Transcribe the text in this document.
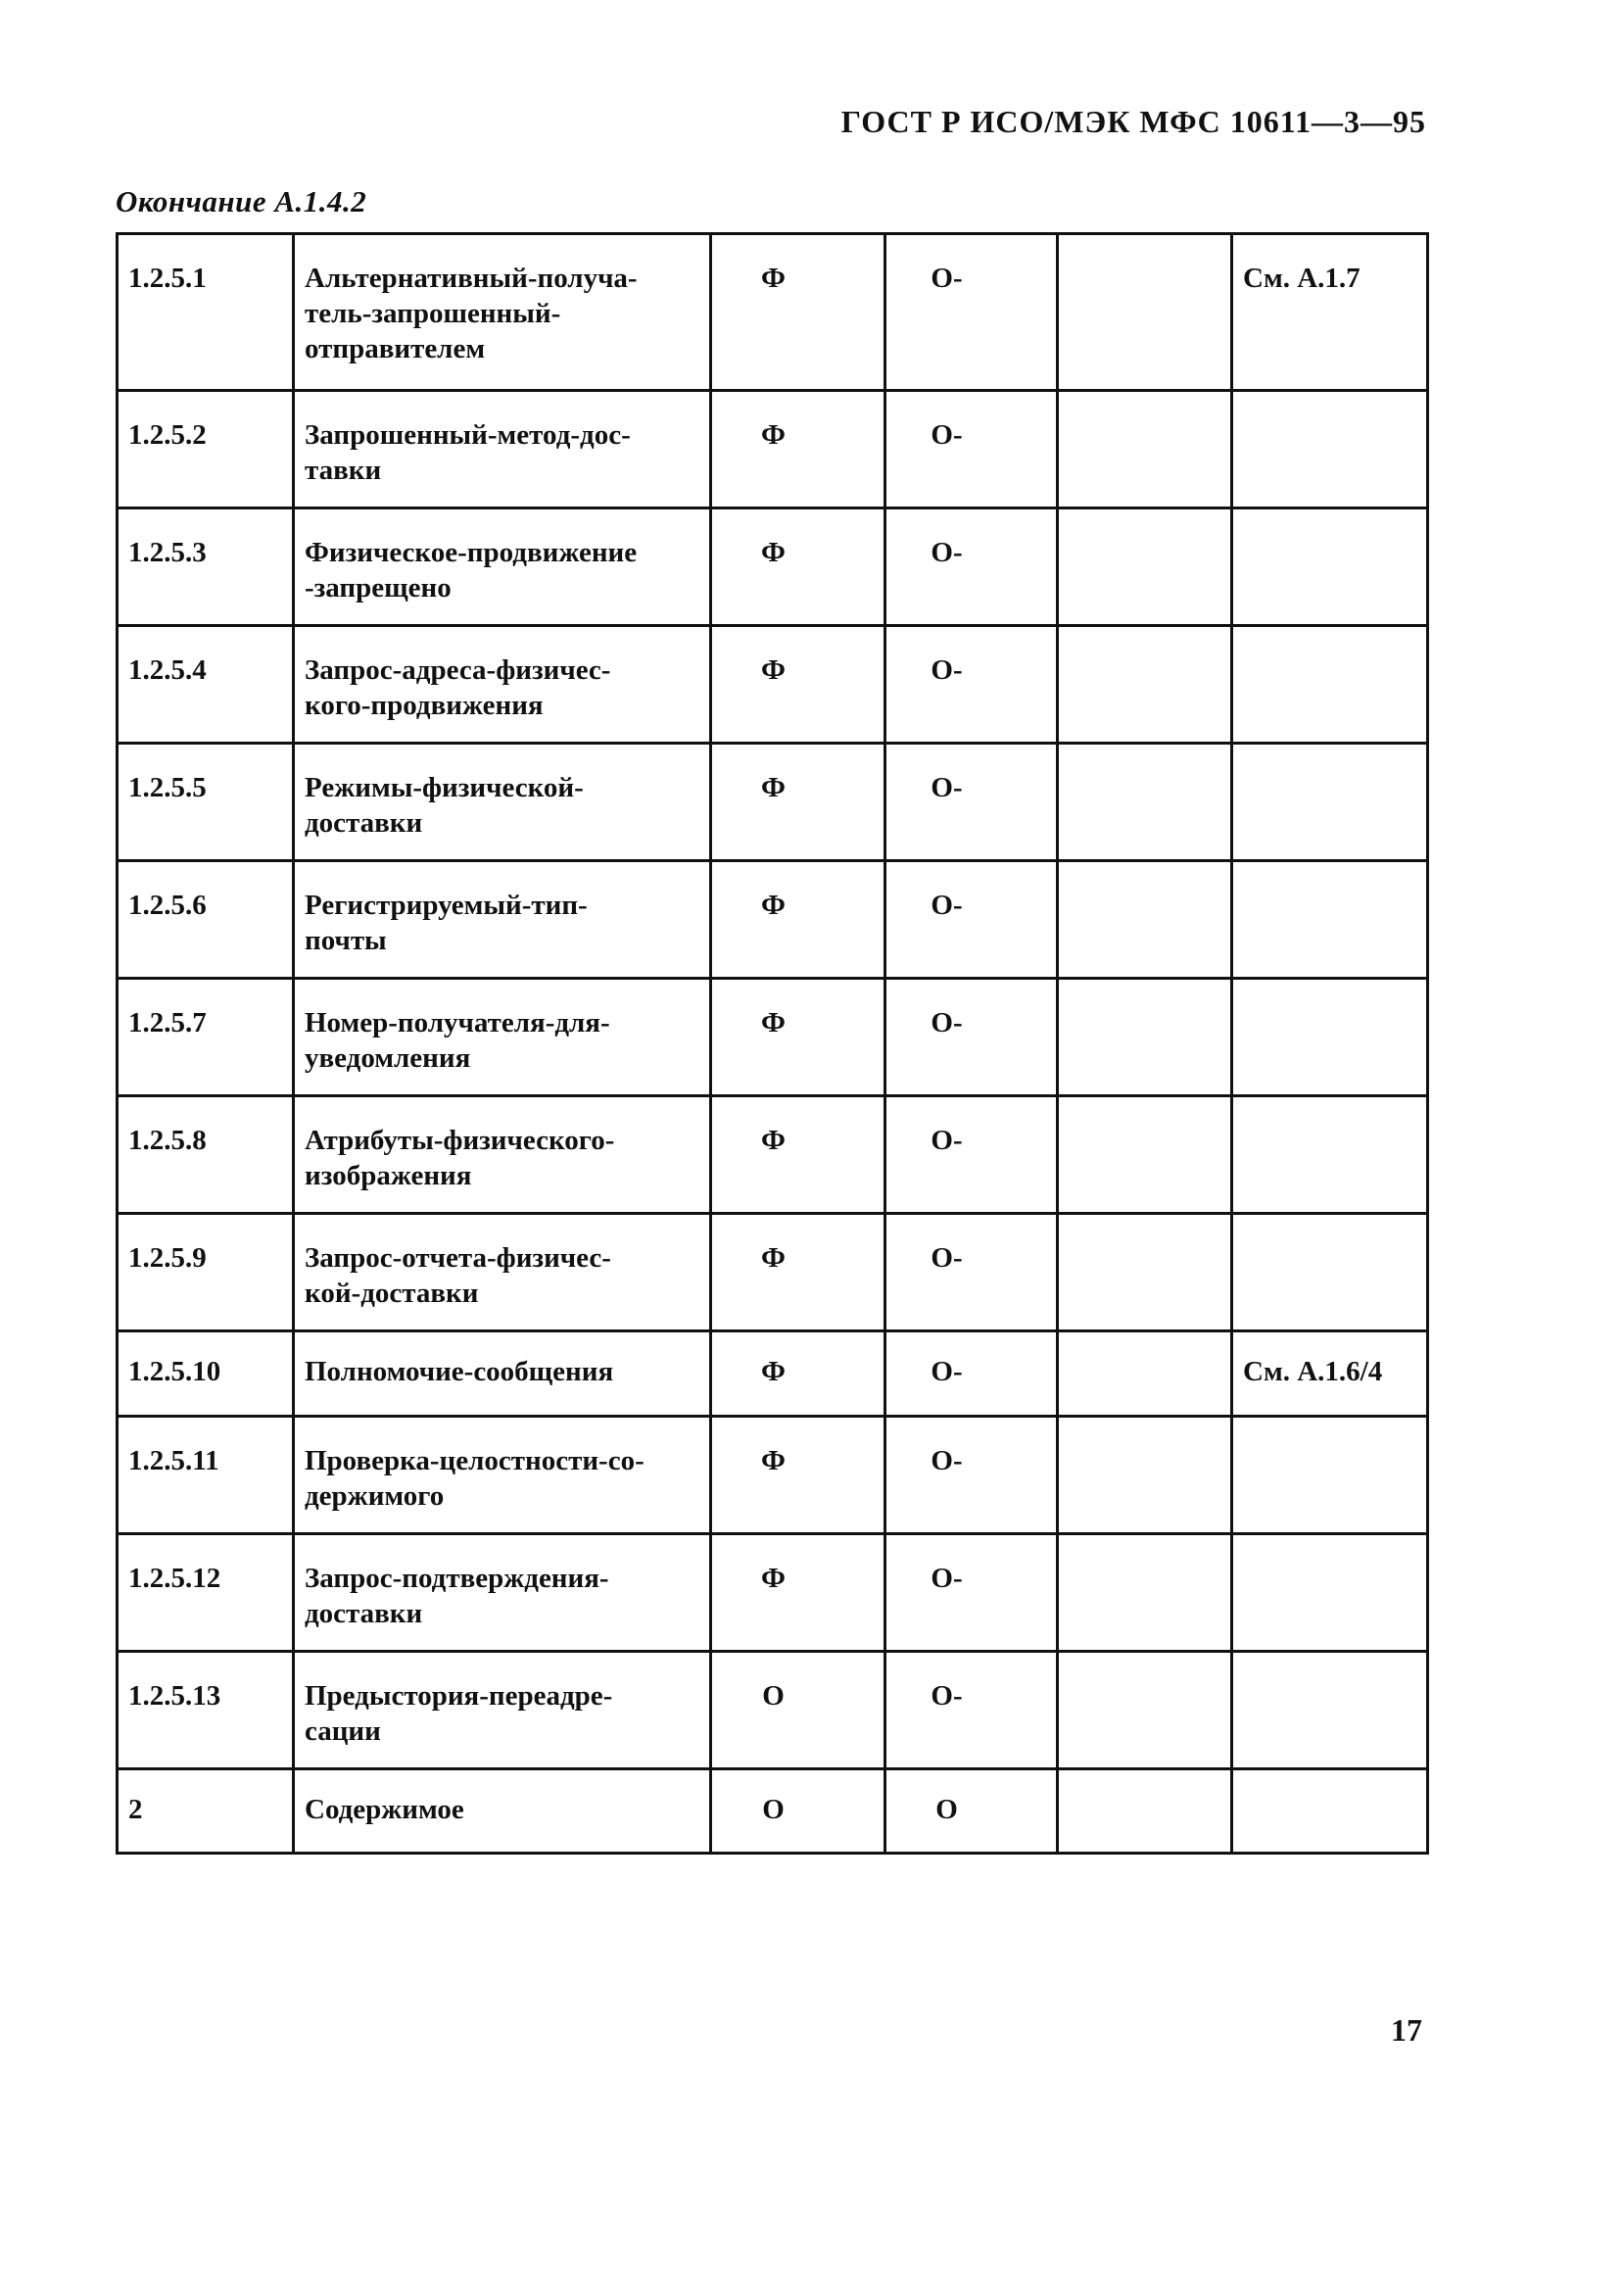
ГОСТ Р ИСО/МЭК МФС 10611—3—95
Окончание А.1.4.2
1.2.5.1	Альтернативный-получа-
тель-запрошенный-
отправителем	Ф	О-		См. А.1.7
1.2.5.2	Запрошенный-метод-дос-
тавки	Ф	О-		
1.2.5.3	Физическое-продвижение
-запрещено	Ф	О-		
1.2.5.4	Запрос-адреса-физичес-
кого-продвижения	Ф	О-		
1.2.5.5	Режимы-физической-
доставки	Ф	О-		
1.2.5.6	Регистрируемый-тип-
почты	Ф	О-		
1.2.5.7	Номер-получателя-для-
уведомления	Ф	О-		
1.2.5.8	Атрибуты-физического-
изображения	Ф	О-		
1.2.5.9	Запрос-отчета-физичес-
кой-доставки	Ф	О-		
1.2.5.10	Полномочие-сообщения	Ф	О-		См. А.1.6/4
1.2.5.11	Проверка-целостности-со-
держимого	Ф	О-		
1.2.5.12	Запрос-подтверждения-
доставки	Ф	О-		
1.2.5.13	Предыстория-переадре-
сации	О	О-		
2	Содержимое	О	О		
17
